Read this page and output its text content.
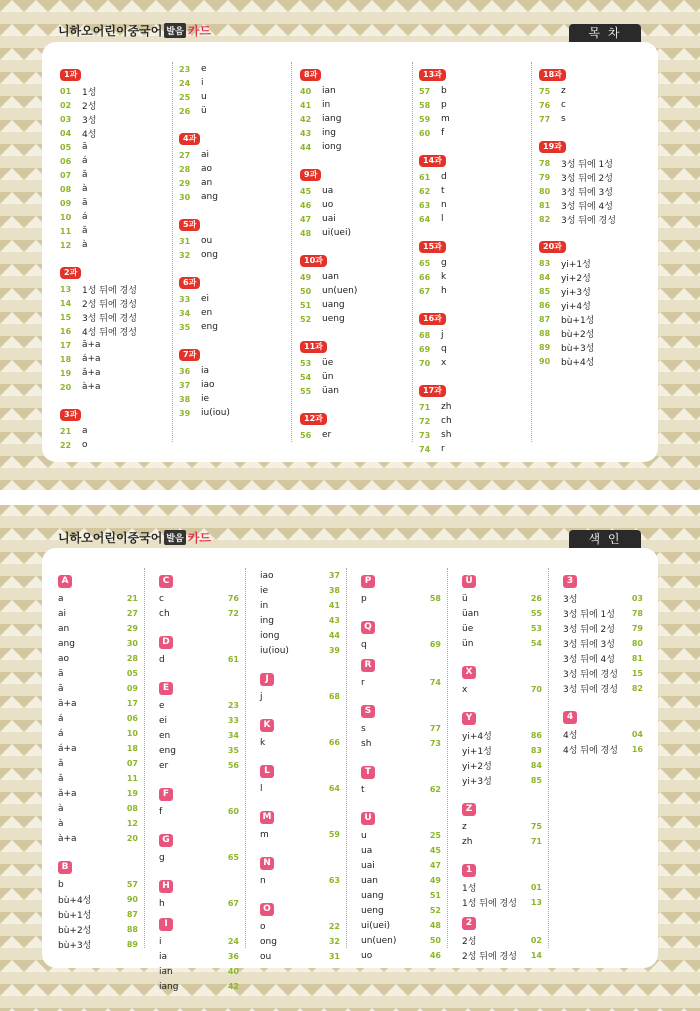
니하오어린이중국어 발음 카드	목 차
1과
01	1성
02	2성
03	3성
04	4성
05	ā
06	á
07	ǎ
08	à
09	ā
10	á
11	ǎ
12	à
2과
13	1성 뒤에 경성
14	2성 뒤에 경성
15	3성 뒤에 경성
16	4성 뒤에 경성
17	ā+a
18	á+a
19	ǎ+a
20	à+a
3과
21	a
22	o
23	e
24	i
25	u
26	ü
4과
27	ai
28	ao
29	an
30	ang
5과
31	ou
32	ong
6과
33	ei
34	en
35	eng
7과
36	ia
37	iao
38	ie
39	iu(iou)
8과
40	ian
41	in
42	iang
43	ing
44	iong
9과
45	ua
46	uo
47	uai
48	ui(uei)
10과
49	uan
50	un(uen)
51	uang
52	ueng
11과
53	üe
54	ün
55	üan
12과
56	er
13과
57	b
58	p
59	m
60	f
14과
61	d
62	t
63	n
64	l
15과
65	g
66	k
67	h
16과
68	j
69	q
70	x
17과
71	zh
72	ch
73	sh
74	r
18과
75	z
76	c
77	s
19과
78	3성 뒤에 1성
79	3성 뒤에 2성
80	3성 뒤에 3성
81	3성 뒤에 4성
82	3성 뒤에 경성
20과
83	yi+1성
84	yi+2성
85	yi+3성
86	yi+4성
87	bù+1성
88	bù+2성
89	bù+3성
90	bù+4성
니하오어린이중국어 발음 카드	색 인
A
a	21
ai	27
an	29
ang	30
ao	28
ā	05
ā	09
ā+a	17
á	06
á	10
á+a	18
ǎ	07
ǎ	11
ǎ+a	19
à	08
à	12
à+a	20
B
b	57
bù+4성	90
bù+1성	87
bù+2성	88
bù+3성	89
C
c	76
ch	72
D
d	61
E
e	23
ei	33
en	34
eng	35
er	56
F
f	60
G
g	65
H
h	67
I
i	24
ia	36
ian	40
iang	42
iao	37
ie	38
in	41
ing	43
iong	44
iu(iou)	39
J
j	68
K
k	66
L
l	64
M
m	59
N
n	63
O
o	22
ong	32
ou	31
P
p	58
Q
q	69
R
r	74
S
s	77
sh	73
T
t	62
U
u	25
ua	45
uai	47
uan	49
uang	51
ueng	52
ui(uei)	48
un(uen)	50
uo	46
Ü
ü	26
üan	55
üe	53
ün	54
X
x	70
Y
yi+4성	86
yi+1성	83
yi+2성	84
yi+3성	85
Z
z	75
zh	71
1
1성	01
1성 뒤에 경성 13
2
2성	02
2성 뒤에 경성 14
3
3성	03
3성 뒤에 1성 78
3성 뒤에 2성 79
3성 뒤에 3성 80
3성 뒤에 4성 81
3성 뒤에 경성 15
3성 뒤에 경성 82
4
4성	04
4성 뒤에 경성 16
